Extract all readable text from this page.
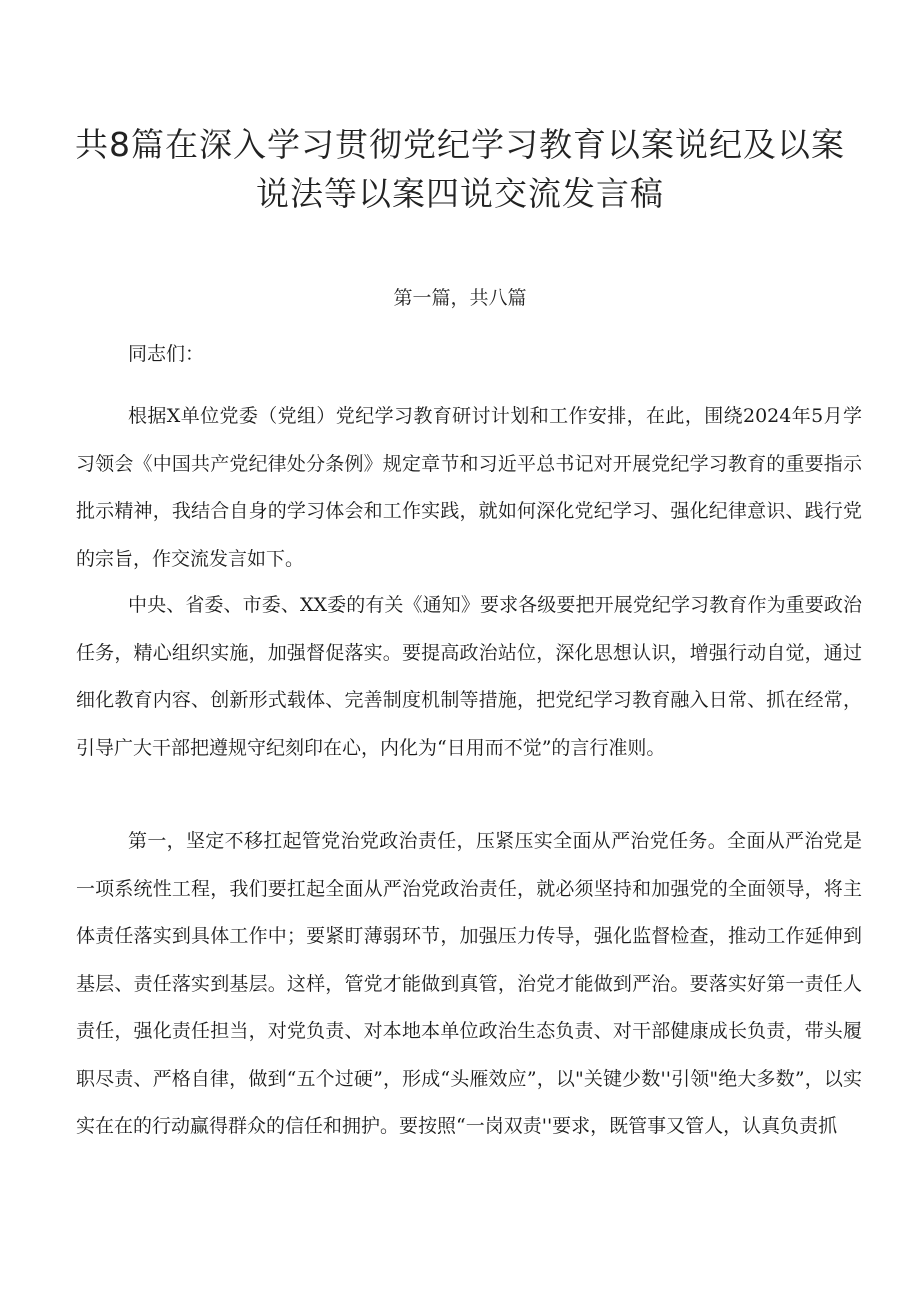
共8篇在深入学习贯彻党纪学习教育以案说纪及以案说法等以案四说交流发言稿

第一篇，共八篇

同志们：

根据X单位党委（党组）党纪学习教育研讨计划和工作安排，在此，围绕2024年5月学习领会《中国共产党纪律处分条例》规定章节和习近平总书记对开展党纪学习教育的重要指示批示精神，我结合自身的学习体会和工作实践，就如何深化党纪学习、强化纪律意识、践行党的宗旨，作交流发言如下。

中央、省委、市委、XX委的有关《通知》要求各级要把开展党纪学习教育作为重要政治任务，精心组织实施，加强督促落实。要提高政治站位，深化思想认识，增强行动自觉，通过细化教育内容、创新形式载体、完善制度机制等措施，把党纪学习教育融入日常、抓在经常，引导广大干部把遵规守纪刻印在心，内化为“日用而不觉”的言行准则。

第一，坚定不移扛起管党治党政治责任，压紧压实全面从严治党任务。全面从严治党是一项系统性工程，我们要扛起全面从严治党政治责任，就必须坚持和加强党的全面领导，将主体责任落实到具体工作中；要紧盯薄弱环节，加强压力传导，强化监督检查，推动工作延伸到基层、责任落实到基层。这样，管党才能做到真管，治党才能做到严治。要落实好第一责任人责任，强化责任担当，对党负责、对本地本单位政治生态负责、对干部健康成长负责，带头履职尽责、严格自律，做到“五个过硬”，形成“头雁效应”，以"关键少数''引领"绝大多数”，以实实在在的行动赢得群众的信任和拥护。要按照“一岗双责''要求，既管事又管人，认真负责抓
